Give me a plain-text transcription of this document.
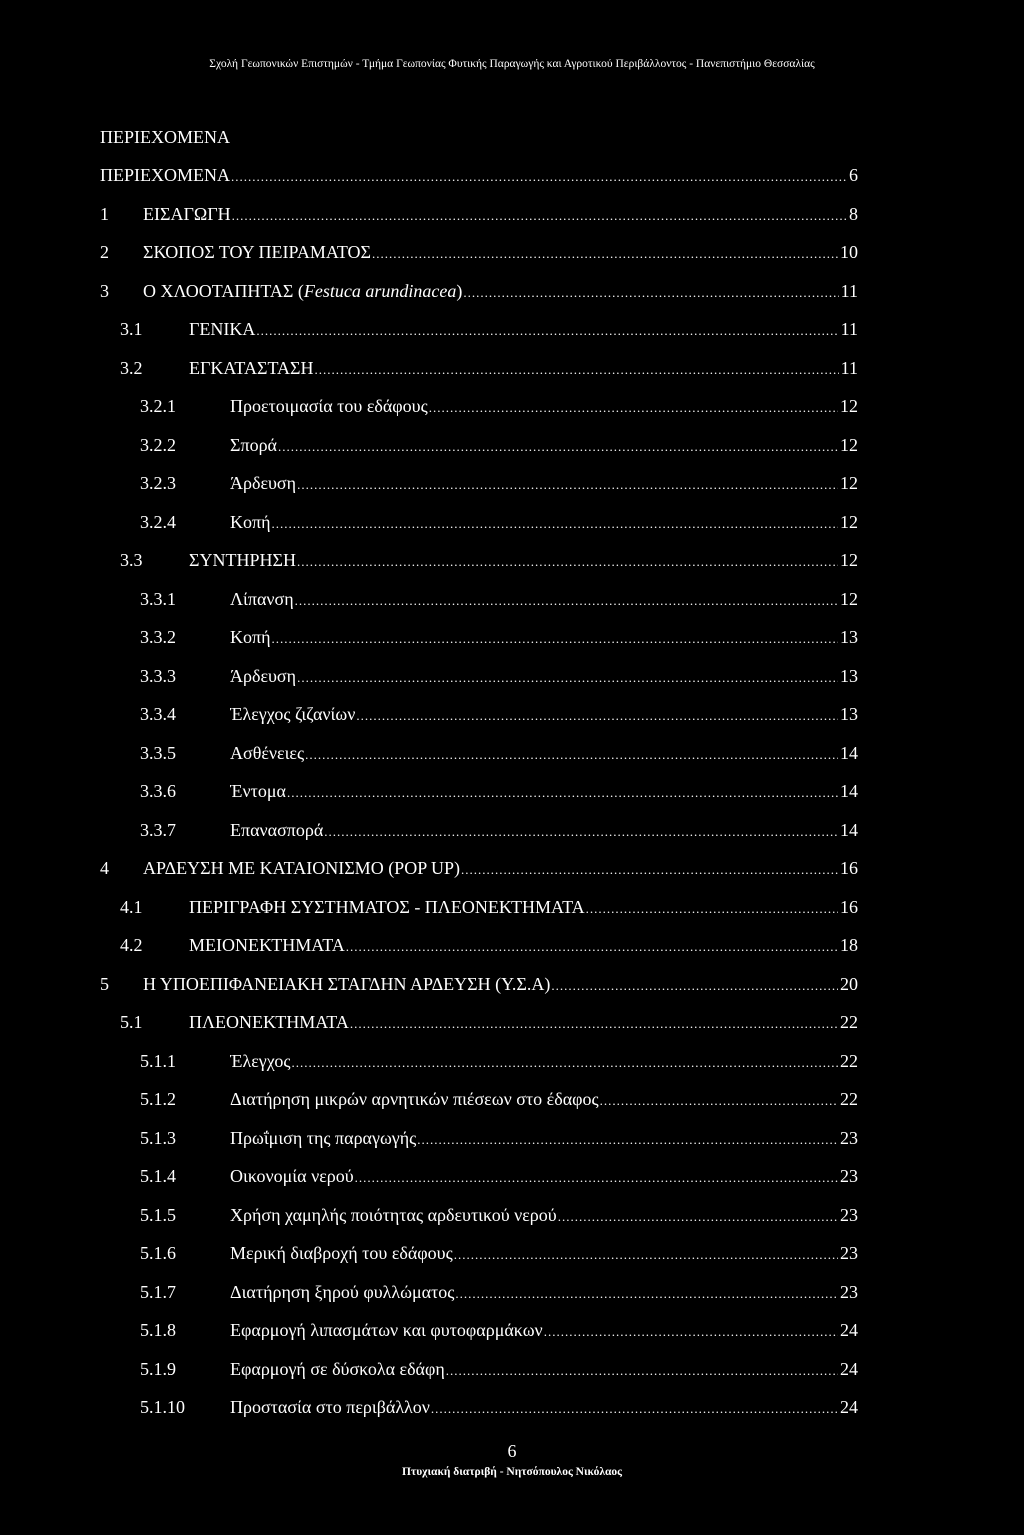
Σχολή Γεωπονικών Επιστημών - Τμήμα Γεωπονίας Φυτικής Παραγωγής και Αγροτικού Περιβάλλοντος - Πανεπιστήμιο Θεσσαλίας
ΠΕΡΙΕΧΟΜΕΝΑ
ΠΕΡΙΕΧΟΜΕΝΑ .....	6
1 ΕΙΣΑΓΩΓΗ .....	8
2 ΣΚΟΠΟΣ ΤΟΥ ΠΕΙΡΑΜΑΤΟΣ .....	10
3 Ο ΧΛΟΟΤΑΠΗΤΑΣ (Festuca arundinacea) .....	11
3.1	ΓΕΝΙΚΑ .....	11
3.2	ΕΓΚΑΤΑΣΤΑΣΗ .....	11
3.2.1	Προετοιμασία του εδάφους .....	12
3.2.2	Σπορά .....	12
3.2.3	Άρδευση .....	12
3.2.4	Κοπή .....	12
3.3	ΣΥΝΤΗΡΗΣΗ .....	12
3.3.1	Λίπανση .....	12
3.3.2	Κοπή .....	13
3.3.3	Άρδευση .....	13
3.3.4	Έλεγχος ζιζανίων .....	13
3.3.5	Ασθένειες .....	14
3.3.6	Έντομα .....	14
3.3.7	Επανασπορά .....	14
4 ΑΡΔΕΥΣΗ ΜΕ ΚΑΤΑΙΟΝΙΣΜΟ (POP UP) .....	16
4.1	ΠΕΡΙΓΡΑΦΗ ΣΥΣΤΗΜΑΤΟΣ - ΠΛΕΟΝΕΚΤΗΜΑΤΑ .....	16
4.2	ΜΕΙΟΝΕΚΤΗΜΑΤΑ .....	18
5 Η ΥΠΟΕΠΙΦΑΝΕΙΑΚΗ ΣΤΑΓΔΗΝ ΑΡΔΕΥΣΗ (Υ.Σ.Α) .....	20
5.1	ΠΛΕΟΝΕΚΤΗΜΑΤΑ .....	22
5.1.1	Έλεγχος .....	22
5.1.2	Διατήρηση μικρών αρνητικών πιέσεων στο έδαφος .....	22
5.1.3	Πρωΐμιση της παραγωγής .....	23
5.1.4	Οικονομία νερού .....	23
5.1.5	Χρήση χαμηλής ποιότητας αρδευτικού νερού .....	23
5.1.6	Μερική διαβροχή του εδάφους .....	23
5.1.7	Διατήρηση ξηρού φυλλώματος .....	23
5.1.8	Εφαρμογή λιπασμάτων και φυτοφαρμάκων .....	24
5.1.9	Εφαρμογή σε δύσκολα εδάφη .....	24
5.1.10	Προστασία στο περιβάλλον .....	24
6
Πτυχιακή διατριβή - Νητσόπουλος Νικόλαος
